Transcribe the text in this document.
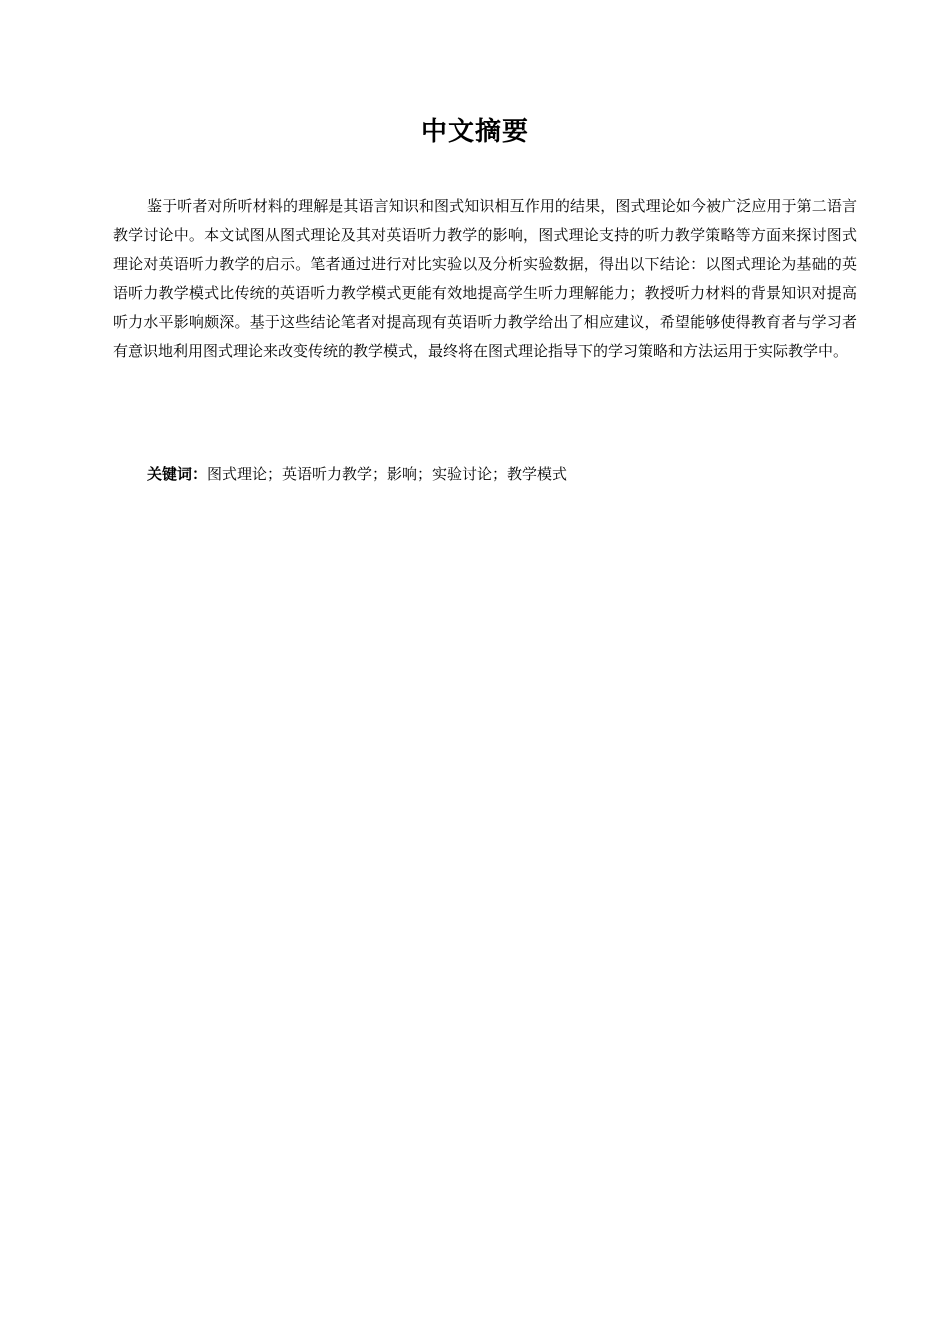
中文摘要

鉴于听者对所听材料的理解是其语言知识和图式知识相互作用的结果，图式理论如今被广泛应用于第二语言教学讨论中。本文试图从图式理论及其对英语听力教学的影响，图式理论支持的听力教学策略等方面来探讨图式理论对英语听力教学的启示。笔者通过进行对比实验以及分析实验数据，得出以下结论：以图式理论为基础的英语听力教学模式比传统的英语听力教学模式更能有效地提高学生听力理解能力；教授听力材料的背景知识对提高听力水平影响颇深。基于这些结论笔者对提高现有英语听力教学给出了相应建议，希望能够使得教育者与学习者有意识地利用图式理论来改变传统的教学模式，最终将在图式理论指导下的学习策略和方法运用于实际教学中。

关键词：图式理论；英语听力教学；影响；实验讨论；教学模式
